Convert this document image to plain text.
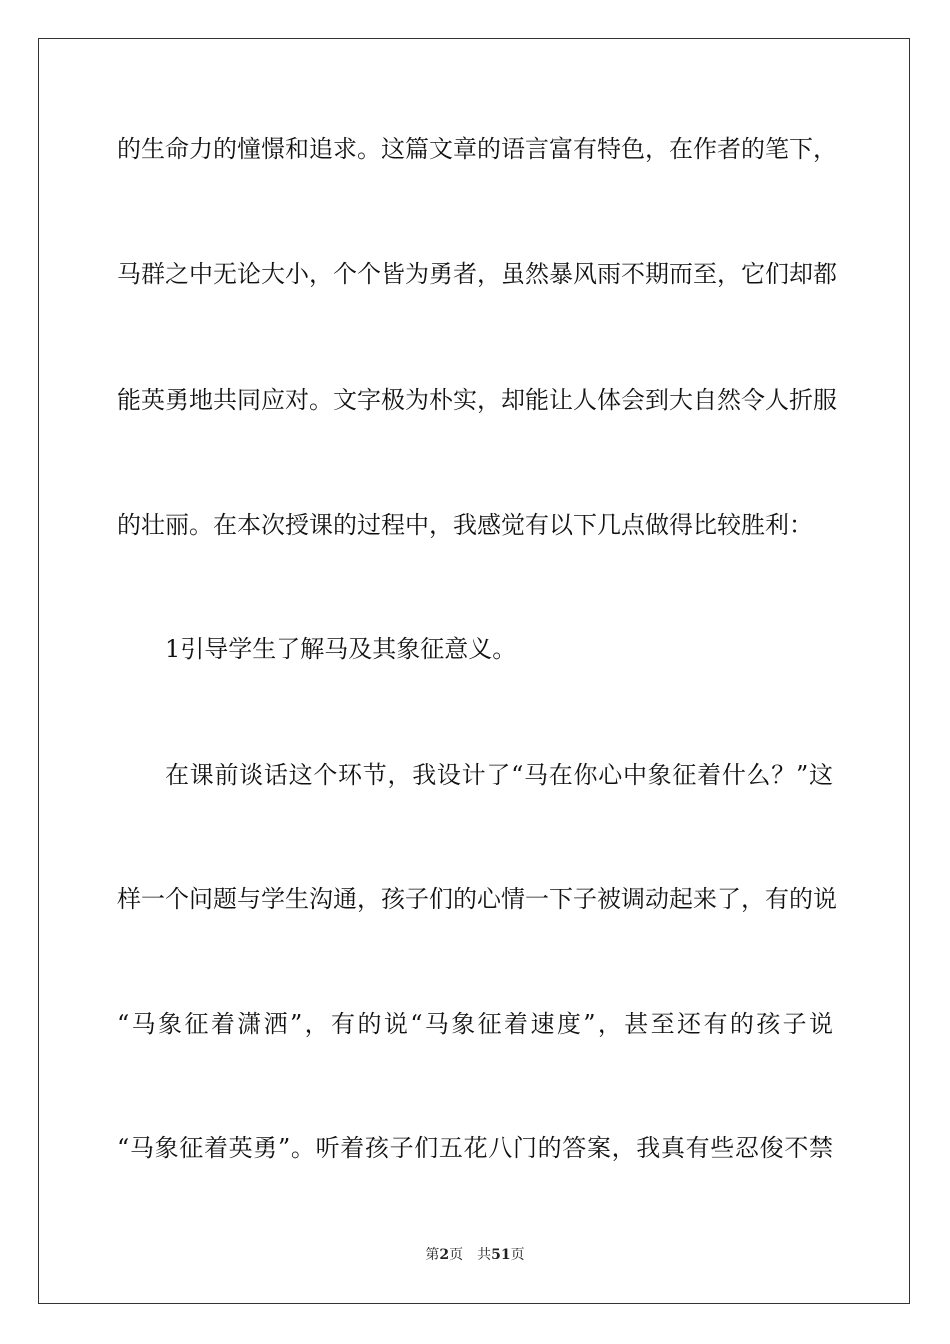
的生命力的憧憬和追求。这篇文章的语言富有特色，在作者的笔下，
马群之中无论大小，个个皆为勇者，虽然暴风雨不期而至，它们却都
能英勇地共同应对。文字极为朴实，却能让人体会到大自然令人折服
的壮丽。在本次授课的过程中，我感觉有以下几点做得比较胜利：
1引导学生了解马及其象征意义。
在课前谈话这个环节，我设计了“马在你心中象征着什么？”这
样一个问题与学生沟通，孩子们的心情一下子被调动起来了，有的说
“马象征着潇洒”，有的说“马象征着速度”，甚至还有的孩子说
“马象征着英勇”。听着孩子们五花八门的答案，我真有些忍俊不禁
第2页 共51页
